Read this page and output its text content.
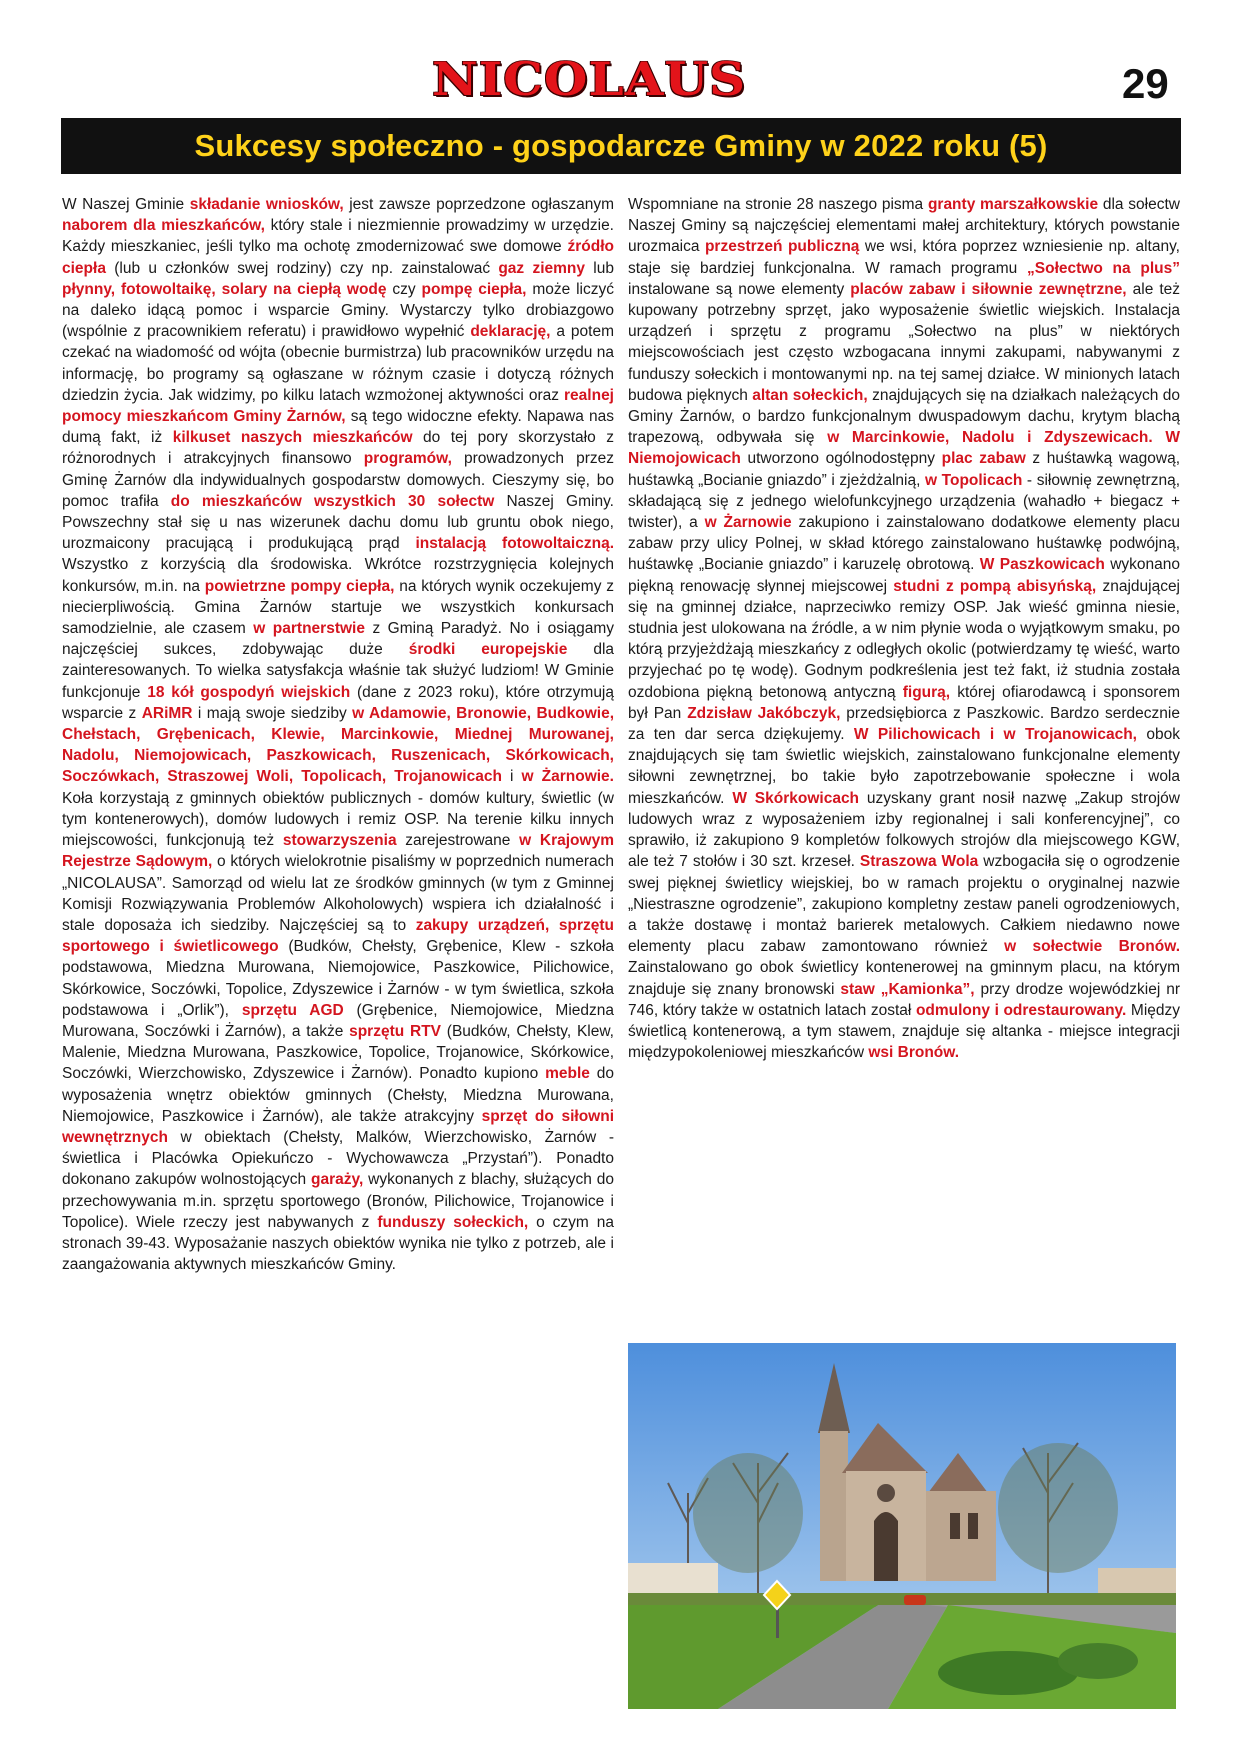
NICOLAUS	29
Sukcesy społeczno - gospodarcze Gminy w 2022 roku (5)

W Naszej Gminie składanie wniosków, jest zawsze poprzedzone ogłaszanym naborem dla mieszkańców, który stale i niezmiennie prowadzimy w urzędzie. Każdy mieszkaniec, jeśli tylko ma ochotę zmodernizować swe domowe źródło ciepła (lub u członków swej rodziny) czy np. zainstalować gaz ziemny lub płynny, fotowoltaikę, solary na ciepłą wodę czy pompę ciepła, może liczyć na daleko idącą pomoc i wsparcie Gminy. Wystarczy tylko drobiazgowo (wspólnie z pracownikiem referatu) i prawidłowo wypełnić deklarację, a potem czekać na wiadomość od wójta (obecnie burmistrza) lub pracowników urzędu na informację, bo programy są ogłaszane w różnym czasie i dotyczą różnych dziedzin życia. Jak widzimy, po kilku latach wzmożonej aktywności oraz realnej pomocy mieszkańcom Gminy Żarnów, są tego widoczne efekty. Napawa nas dumą fakt, iż kilkuset naszych mieszkańców do tej pory skorzystało z różnorodnych i atrakcyjnych finansowo programów, prowadzonych przez Gminę Żarnów dla indywidualnych gospodarstw domowych. Cieszymy się, bo pomoc trafiła do mieszkańców wszystkich 30 sołectw Naszej Gminy. Powszechny stał się u nas wizerunek dachu domu lub gruntu obok niego, urozmaicony pracującą i produkującą prąd instalacją fotowoltaiczną. Wszystko z korzyścią dla środowiska. Wkrótce rozstrzygnięcia kolejnych konkursów, m.in. na powietrzne pompy ciepła, na których wynik oczekujemy z niecierpliwością. Gmina Żarnów startuje we wszystkich konkursach samodzielnie, ale czasem w partnerstwie z Gminą Paradyż. No i osiągamy najczęściej sukces, zdobywając duże środki europejskie dla zainteresowanych. To wielka satysfakcja właśnie tak służyć ludziom! W Gminie funkcjonuje 18 kół gospodyń wiejskich (dane z 2023 roku), które otrzymują wsparcie z ARiMR i mają swoje siedziby w Adamowie, Bronowie, Budkowie, Chełstach, Grębenicach, Klewie, Marcinkowie, Miednej Murowanej, Nadolu, Niemojowicach, Paszkowicach, Ruszenicach, Skórkowicach, Soczówkach, Straszowej Woli, Topolicach, Trojanowicach i w Żarnowie. Koła korzystają z gminnych obiektów publicznych - domów kultury, świetlic (w tym kontenerowych), domów ludowych i remiz OSP. Na terenie kilku innych miejscowości, funkcjonują też stowarzyszenia zarejestrowane w Krajowym Rejestrze Sądowym, o których wielokrotnie pisaliśmy w poprzednich numerach „NICOLAUSA”. Samorząd od wielu lat ze środków gminnych (w tym z Gminnej Komisji Rozwiązywania Problemów Alkoholowych) wspiera ich działalność i stale doposaża ich siedziby. Najczęściej są to zakupy urządzeń, sprzętu sportowego i świetlicowego (Budków, Chełsty, Grębenice, Klew - szkoła podstawowa, Miedzna Murowana, Niemojowice, Paszkowice, Pilichowice, Skórkowice, Soczówki, Topolice, Zdyszewice i Żarnów - w tym świetlica, szkoła podstawowa i „Orlik”), sprzętu AGD (Grębenice, Niemojowice, Miedzna Murowana, Soczówki i Żarnów), a także sprzętu RTV (Budków, Chełsty, Klew, Malenie, Miedzna Murowana, Paszkowice, Topolice, Trojanowice, Skórkowice, Soczówki, Wierzchowisko, Zdyszewice i Żarnów). Ponadto kupiono meble do wyposażenia wnętrz obiektów gminnych (Chełsty, Miedzna Murowana, Niemojowice, Paszkowice i Żarnów), ale także atrakcyjny sprzęt do siłowni wewnętrznych w obiektach (Chełsty, Malków, Wierzchowisko, Żarnów - świetlica i Placówka Opiekuńczo - Wychowawcza „Przystań”). Ponadto dokonano zakupów wolnostojących garaży, wykonanych z blachy, służących do przechowywania m.in. sprzętu sportowego (Bronów, Pilichowice, Trojanowice i Topolice). Wiele rzeczy jest nabywanych z funduszy sołeckich, o czym na stronach 39-43. Wyposażanie naszych obiektów wynika nie tylko z potrzeb, ale i zaangażowania aktywnych mieszkańców Gminy.

Wspomniane na stronie 28 naszego pisma granty marszałkowskie dla sołectw Naszej Gminy są najczęściej elementami małej architektury, których powstanie urozmaica przestrzeń publiczną we wsi, która poprzez wzniesienie np. altany, staje się bardziej funkcjonalna. W ramach programu „Sołectwo na plus” instalowane są nowe elementy placów zabaw i siłownie zewnętrzne, ale też kupowany potrzebny sprzęt, jako wyposażenie świetlic wiejskich. Instalacja urządzeń i sprzętu z programu „Sołectwo na plus” w niektórych miejscowościach jest często wzbogacana innymi zakupami, nabywanymi z funduszy sołeckich i montowanymi np. na tej samej działce. W minionych latach budowa pięknych altan sołeckich, znajdujących się na działkach należących do Gminy Żarnów, o bardzo funkcjonalnym dwuspadowym dachu, krytym blachą trapezową, odbywała się w Marcinkowie, Nadolu i Zdyszewicach. W Niemojowicach utworzono ogólnodostępny plac zabaw z huśtawką wagową, huśtawką „Bocianie gniazdo” i zjeżdżalnią, w Topolicach - siłownię zewnętrzną, składającą się z jednego wielofunkcyjnego urządzenia (wahadło + biegacz + twister), a w Żarnowie zakupiono i zainstalowano dodatkowe elementy placu zabaw przy ulicy Polnej, w skład którego zainstalowano huśtawkę podwójną, huśtawkę „Bocianie gniazdo” i karuzelę obrotową. W Paszkowicach wykonano piękną renowację słynnej miejscowej studni z pompą abisyńską, znajdującej się na gminnej działce, naprzeciwko remizy OSP. Jak wieść gminna niesie, studnia jest ulokowana na źródle, a w nim płynie woda o wyjątkowym smaku, po którą przyjeżdżają mieszkańcy z odległych okolic (potwierdzamy tę wieść, warto przyjechać po tę wodę). Godnym podkreślenia jest też fakt, iż studnia została ozdobiona piękną betonową antyczną figurą, której ofiarodawcą i sponsorem był Pan Zdzisław Jakóbczyk, przedsiębiorca z Paszkowic. Bardzo serdecznie za ten dar serca dziękujemy. W Pilichowicach i w Trojanowicach, obok znajdujących się tam świetlic wiejskich, zainstalowano funkcjonalne elementy siłowni zewnętrznej, bo takie było zapotrzebowanie społeczne i wola mieszkańców. W Skórkowicach uzyskany grant nosił nazwę „Zakup strojów ludowych wraz z wyposażeniem izby regionalnej i sali konferencyjnej”, co sprawiło, iż zakupiono 9 kompletów folkowych strojów dla miejscowego KGW, ale też 7 stołów i 30 szt. krzeseł. Straszowa Wola wzbogaciła się o ogrodzenie swej pięknej świetlicy wiejskiej, bo w ramach projektu o oryginalnej nazwie „Niestraszne ogrodzenie”, zakupiono kompletny zestaw paneli ogrodzeniowych, a także dostawę i montaż barierek metalowych. Całkiem niedawno nowe elementy placu zabaw zamontowano również w sołectwie Bronów. Zainstalowano go obok świetlicy kontenerowej na gminnym placu, na którym znajduje się znany bronowski staw „Kamionka”, przy drodze wojewódzkiej nr 746, który także w ostatnich latach został odmulony i odrestaurowany. Między świetlicą kontenerową, a tym stawem, znajduje się altanka - miejsce integracji międzypokoleniowej mieszkańców wsi Bronów.
